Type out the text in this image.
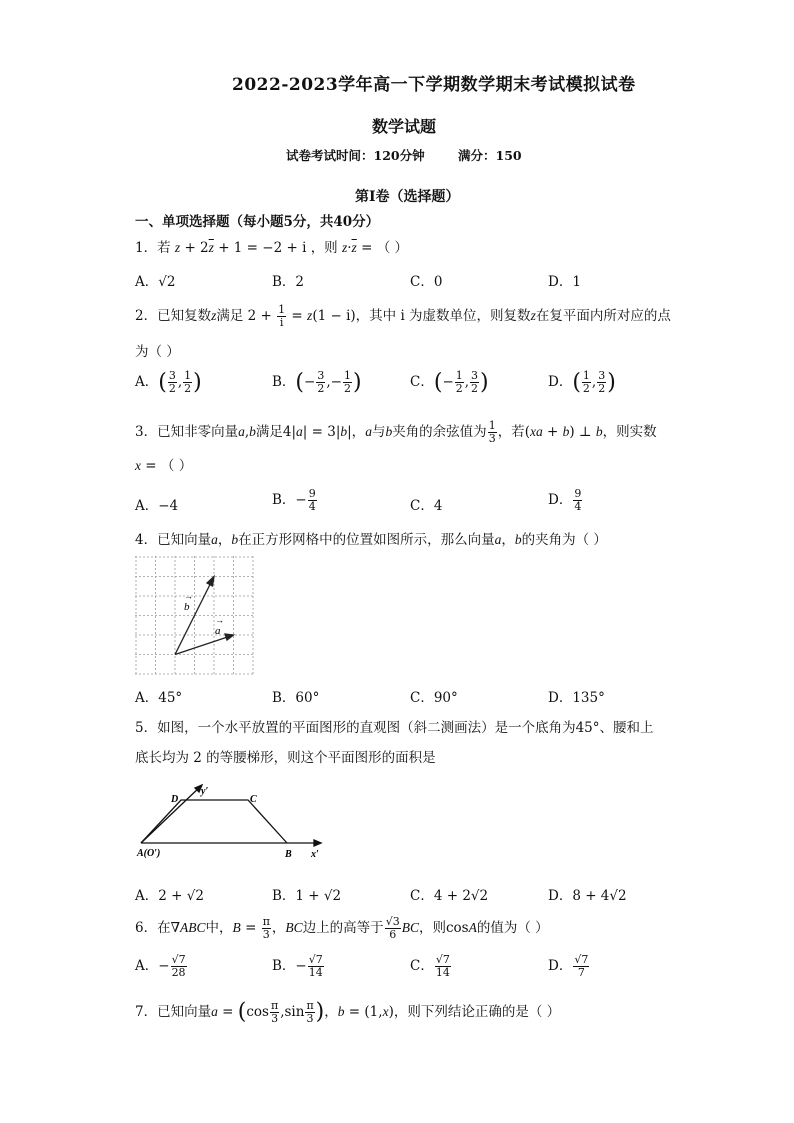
2022-2023学年高一下学期数学期末考试模拟试卷
数学试题
试卷考试时间：120分钟	满分：150
第Ⅰ卷（选择题）
一、单项选择题（每小题5分，共40分）
1．若 $z + 2\overline{z} + 1 = -2 + i$ ，则 $z\cdot\overline{z}$ = （ ）
A．√2	B．2	C．0	D．1
2．已知复数z满足 $2 + \frac{1}{i} = z(1 - i)$，其中 i 为虚数单位，则复数z在复平面内所对应的点
为（ ）
A．( $\frac{3}{2}$ , $\frac{1}{2}$ )	B．(− $\frac{3}{2}$ ,− $\frac{1}{2}$ )	C．(− $\frac{1}{2}$ , $\frac{3}{2}$ )	D．( $\frac{1}{2}$ , $\frac{3}{2}$ )
3．已知非零向量a,b满足4|a| = 3|b|，a与b夹角的余弦值为 $\frac{1}{3}$ ，若(xa + b) ⊥ b，则实数
x = （ ）
A．−4	B．− $\frac{9}{4}$	C．4	D． $\frac{9}{4}$
4．已知向量a，b在正方形网格中的位置如图所示，那么向量a，b的夹角为（ ）
b
→
a
→
A．45°	B．60°	C．90°	D．135°
5．如图，一个水平放置的平面图形的直观图（斜二测画法）是一个底角为45°、腰和上
底长均为 2 的等腰梯形，则这个平面图形的面积是
D	C
y′
A(O′)	B x′
A．2 + √2	B．1 + √2	C．4 + 2√2	D．8 + 4√2
6．在∇ABC中，$B = \frac{\pi}{3}$ ，BC边上的高等于 $\frac{√3}{6}$ BC，则cosA的值为（ ）
A．− $\frac{√7}{28}$	B．− $\frac{√7}{14}$	C． $\frac{√7}{14}$	D． $\frac{√7}{7}$
7．已知向量$a = (\cos \frac{\pi}{3} ,\sin \frac{\pi}{3}$ )，b = (1,x)，则下列结论正确的是（ ）
